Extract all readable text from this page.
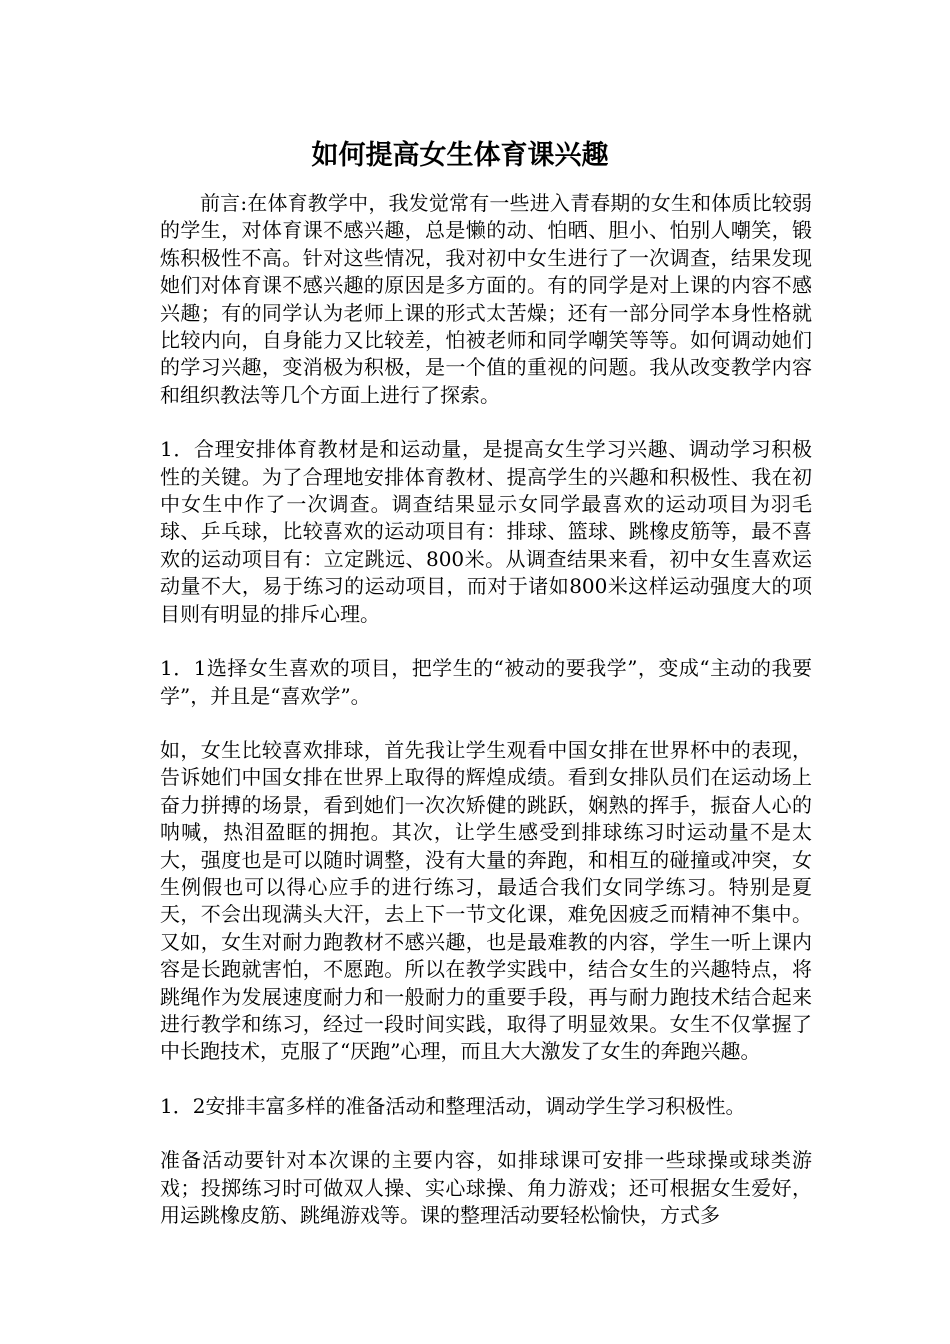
如何提高女生体育课兴趣

前言:在体育教学中，我发觉常有一些进入青春期的女生和体质比较弱的学生，对体育课不感兴趣，总是懒的动、怕晒、胆小、怕别人嘲笑，锻炼积极性不高。针对这些情况，我对初中女生进行了一次调查，结果发现她们对体育课不感兴趣的原因是多方面的。有的同学是对上课的内容不感兴趣；有的同学认为老师上课的形式太苦燥；还有一部分同学本身性格就比较内向，自身能力又比较差，怕被老师和同学嘲笑等等。如何调动她们的学习兴趣，变消极为积极，是一个值的重视的问题。我从改变教学内容和组织教法等几个方面上进行了探索。

1．合理安排体育教材是和运动量，是提高女生学习兴趣、调动学习积极性的关键。为了合理地安排体育教材、提高学生的兴趣和积极性、我在初中女生中作了一次调查。调查结果显示女同学最喜欢的运动项目为羽毛球、乒乓球，比较喜欢的运动项目有：排球、篮球、跳橡皮筋等，最不喜欢的运动项目有：立定跳远、800米。从调查结果来看，初中女生喜欢运动量不大，易于练习的运动项目，而对于诸如800米这样运动强度大的项目则有明显的排斥心理。

1．1选择女生喜欢的项目，把学生的“被动的要我学”，变成“主动的我要学”，并且是“喜欢学”。

如，女生比较喜欢排球，首先我让学生观看中国女排在世界杯中的表现，告诉她们中国女排在世界上取得的辉煌成绩。看到女排队员们在运动场上奋力拼搏的场景，看到她们一次次矫健的跳跃，娴熟的挥手，振奋人心的呐喊，热泪盈眶的拥抱。其次，让学生感受到排球练习时运动量不是太大，强度也是可以随时调整，没有大量的奔跑，和相互的碰撞或冲突，女生例假也可以得心应手的进行练习，最适合我们女同学练习。特别是夏天，不会出现满头大汗，去上下一节文化课，难免因疲乏而精神不集中。又如，女生对耐力跑教材不感兴趣，也是最难教的内容，学生一听上课内容是长跑就害怕，不愿跑。所以在教学实践中，结合女生的兴趣特点，将跳绳作为发展速度耐力和一般耐力的重要手段，再与耐力跑技术结合起来进行教学和练习，经过一段时间实践，取得了明显效果。女生不仅掌握了中长跑技术，克服了“厌跑”心理，而且大大激发了女生的奔跑兴趣。

1．2安排丰富多样的准备活动和整理活动，调动学生学习积极性。

准备活动要针对本次课的主要内容，如排球课可安排一些球操或球类游戏；投掷练习时可做双人操、实心球操、角力游戏；还可根据女生爱好，用运跳橡皮筋、跳绳游戏等。课的整理活动要轻松愉快，方式多
